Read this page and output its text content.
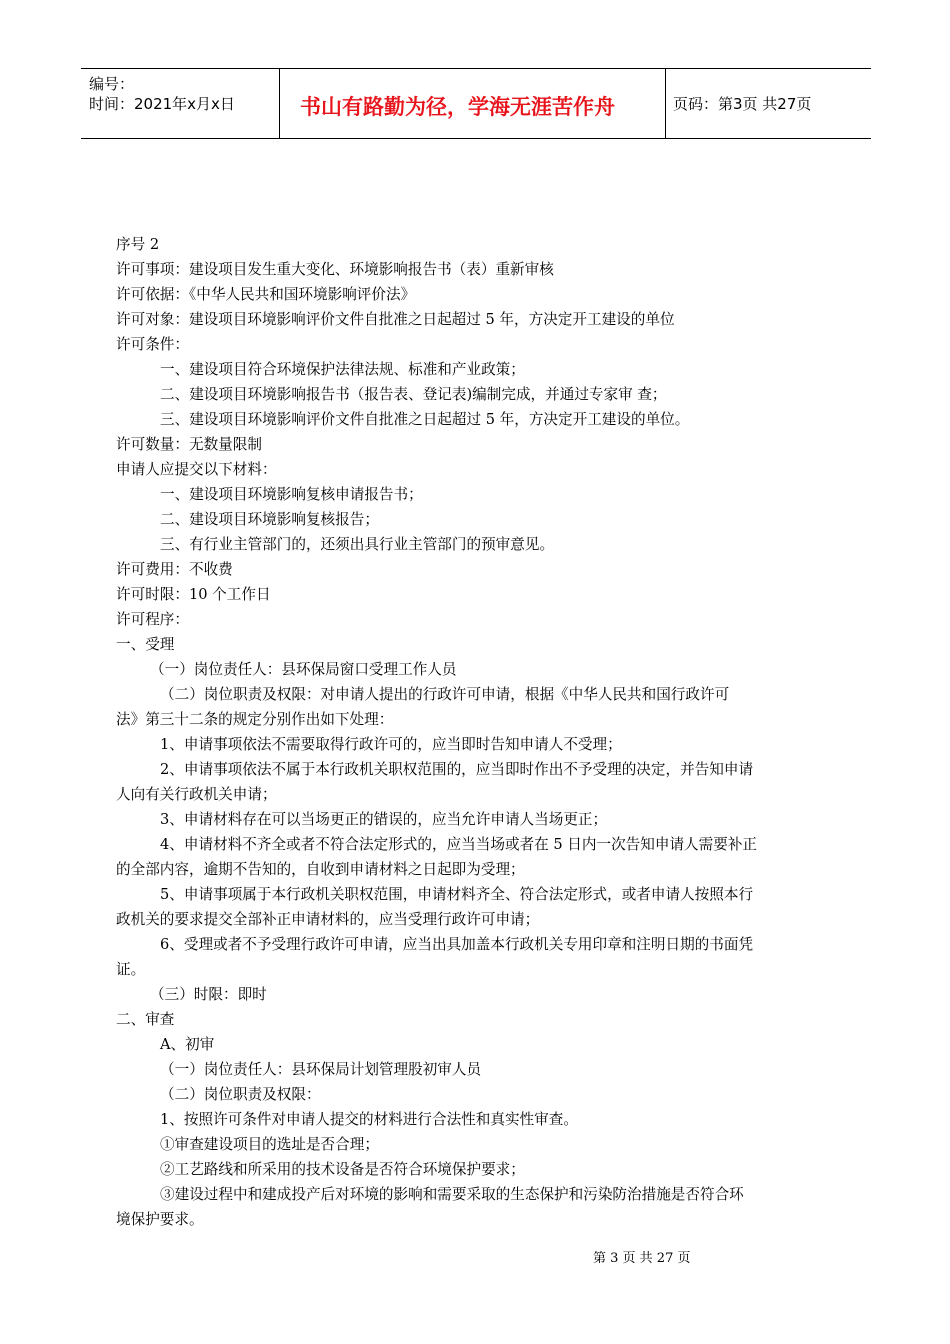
编号：
时间：2021年x月x日	书山有路勤为径，学海无涯苦作舟	页码：第3页 共27页
序号 2
许可事项：建设项目发生重大变化、环境影响报告书（表）重新审核
许可依据：《中华人民共和国环境影响评价法》
许可对象：建设项目环境影响评价文件自批准之日起超过 5 年，方决定开工建设的单位
许可条件：
一、建设项目符合环境保护法律法规、标准和产业政策；
二、建设项目环境影响报告书（报告表、登记表)编制完成，并通过专家审 查；
三、建设项目环境影响评价文件自批准之日起超过 5 年，方决定开工建设的单位。
许可数量：无数量限制
申请人应提交以下材料：
一、建设项目环境影响复核申请报告书；
二、建设项目环境影响复核报告；
三、有行业主管部门的，还须出具行业主管部门的预审意见。
许可费用：不收费
许可时限：10 个工作日
许可程序：
一、受理
（一）岗位责任人：县环保局窗口受理工作人员
（二）岗位职责及权限：对申请人提出的行政许可申请，根据《中华人民共和国行政许可
法》第三十二条的规定分别作出如下处理：
1、申请事项依法不需要取得行政许可的，应当即时告知申请人不受理；
2、申请事项依法不属于本行政机关职权范围的，应当即时作出不予受理的决定，并告知申请
人向有关行政机关申请；
3、申请材料存在可以当场更正的错误的，应当允许申请人当场更正；
4、申请材料不齐全或者不符合法定形式的，应当当场或者在 5 日内一次告知申请人需要补正
的全部内容，逾期不告知的，自收到申请材料之日起即为受理；
5、申请事项属于本行政机关职权范围，申请材料齐全、符合法定形式，或者申请人按照本行
政机关的要求提交全部补正申请材料的，应当受理行政许可申请；
6、受理或者不予受理行政许可申请，应当出具加盖本行政机关专用印章和注明日期的书面凭
证。
（三）时限：即时
二、审查
A、初审
（一）岗位责任人：县环保局计划管理股初审人员
（二）岗位职责及权限：
1、按照许可条件对申请人提交的材料进行合法性和真实性审查。
①审查建设项目的选址是否合理；
②工艺路线和所采用的技术设备是否符合环境保护要求；
③建设过程中和建成投产后对环境的影响和需要采取的生态保护和污染防治措施是否符合环
境保护要求。
第 3 页 共 27 页
